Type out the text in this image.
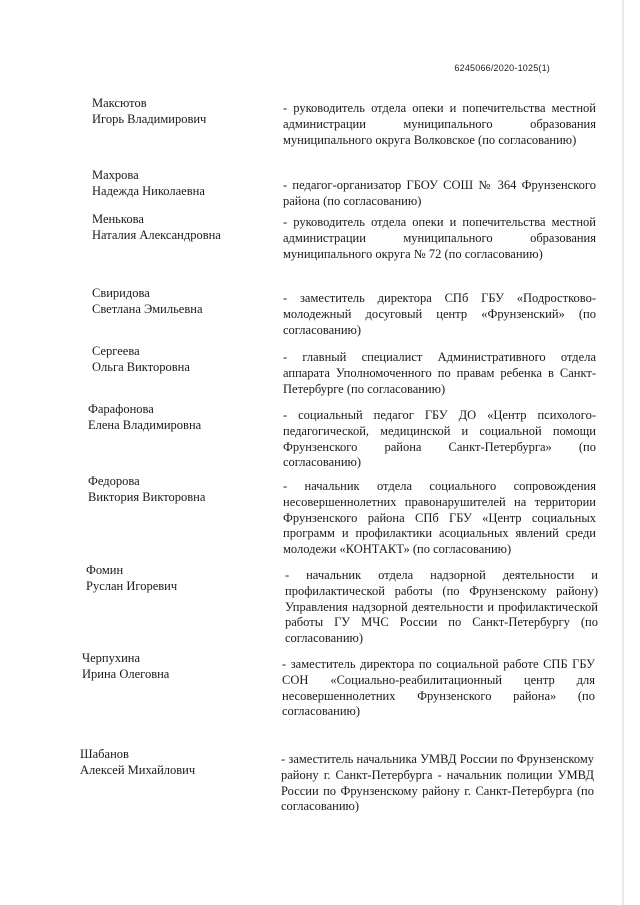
6245066/2020-1025(1)
Максютов
Игорь Владимирович
- руководитель отдела опеки и попечительства местной администрации муниципального образования муниципального округа Волковское (по согласованию)
Махрова
Надежда Николаевна	- педагог-организатор ГБОУ СОШ № 364 Фрунзенского района (по согласованию)
Менькова
Наталия Александровна
- руководитель отдела опеки и попечительства местной администрации муниципального образования муниципального округа № 72 (по согласованию)
Свиридова
Светлана Эмильевна
- заместитель директора СПб ГБУ «Подростково-молодежный досуговый центр «Фрунзенский» (по согласованию)
Сергеева
Ольга Викторовна
- главный специалист Административного отдела аппарата Уполномоченного по правам ребенка в Санкт-Петербурге (по согласованию)
Фарафонова
Елена Владимировна
- социальный педагог ГБУ ДО «Центр психолого-педагогической, медицинской и социальной помощи Фрунзенского района Санкт-Петербурга» (по согласованию)
Федорова
Виктория Викторовна
- начальник отдела социального сопровождения несовершеннолетних правонарушителей на территории Фрунзенского района СПб ГБУ «Центр социальных программ и профилактики асоциальных явлений среди молодежи «КОНТАКТ» (по согласованию)
Фомин
Руслан Игоревич
- начальник отдела надзорной деятельности и профилактической работы (по Фрунзенскому району) Управления надзорной деятельности и профилактической работы ГУ МЧС России по Санкт-Петербургу (по согласованию)
Черпухина
Ирина Олеговна
- заместитель директора по социальной работе СПБ ГБУ СОН «Социально-реабилитационный центр для несовершеннолетних Фрунзенского района» (по согласованию)
Шабанов
Алексей Михайлович
- заместитель начальника УМВД России по Фрунзенскому району г. Санкт-Петербурга - начальник полиции УМВД России по Фрунзенскому району г. Санкт-Петербурга (по согласованию)
